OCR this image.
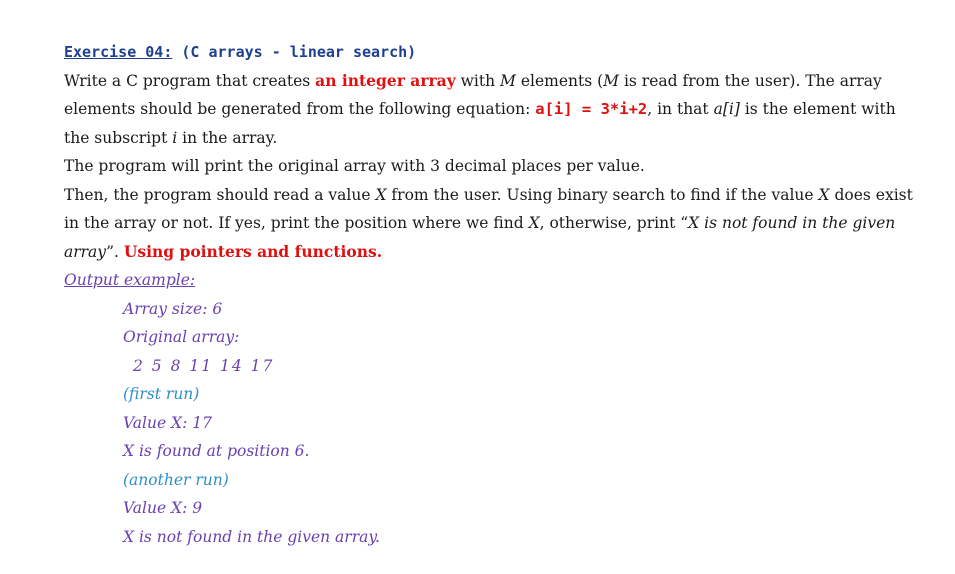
Exercise 04: (C arrays - linear search)

Write a C program that creates an integer array with M elements (M is read from the user). The array elements should be generated from the following equation: a[i] = 3*i+2, in that a[i] is the element with the subscript i in the array.

The program will print the original array with 3 decimal places per value.

Then, the program should read a value X from the user. Using binary search to find if the value X does exist in the array or not. If yes, print the position where we find X, otherwise, print “X is not found in the given array”. Using pointers and functions.

Output example:
Array size: 6
Original array:
2 5 8 11 14 17
(first run)
Value X: 17
X is found at position 6.
(another run)
Value X: 9
X is not found in the given array.
